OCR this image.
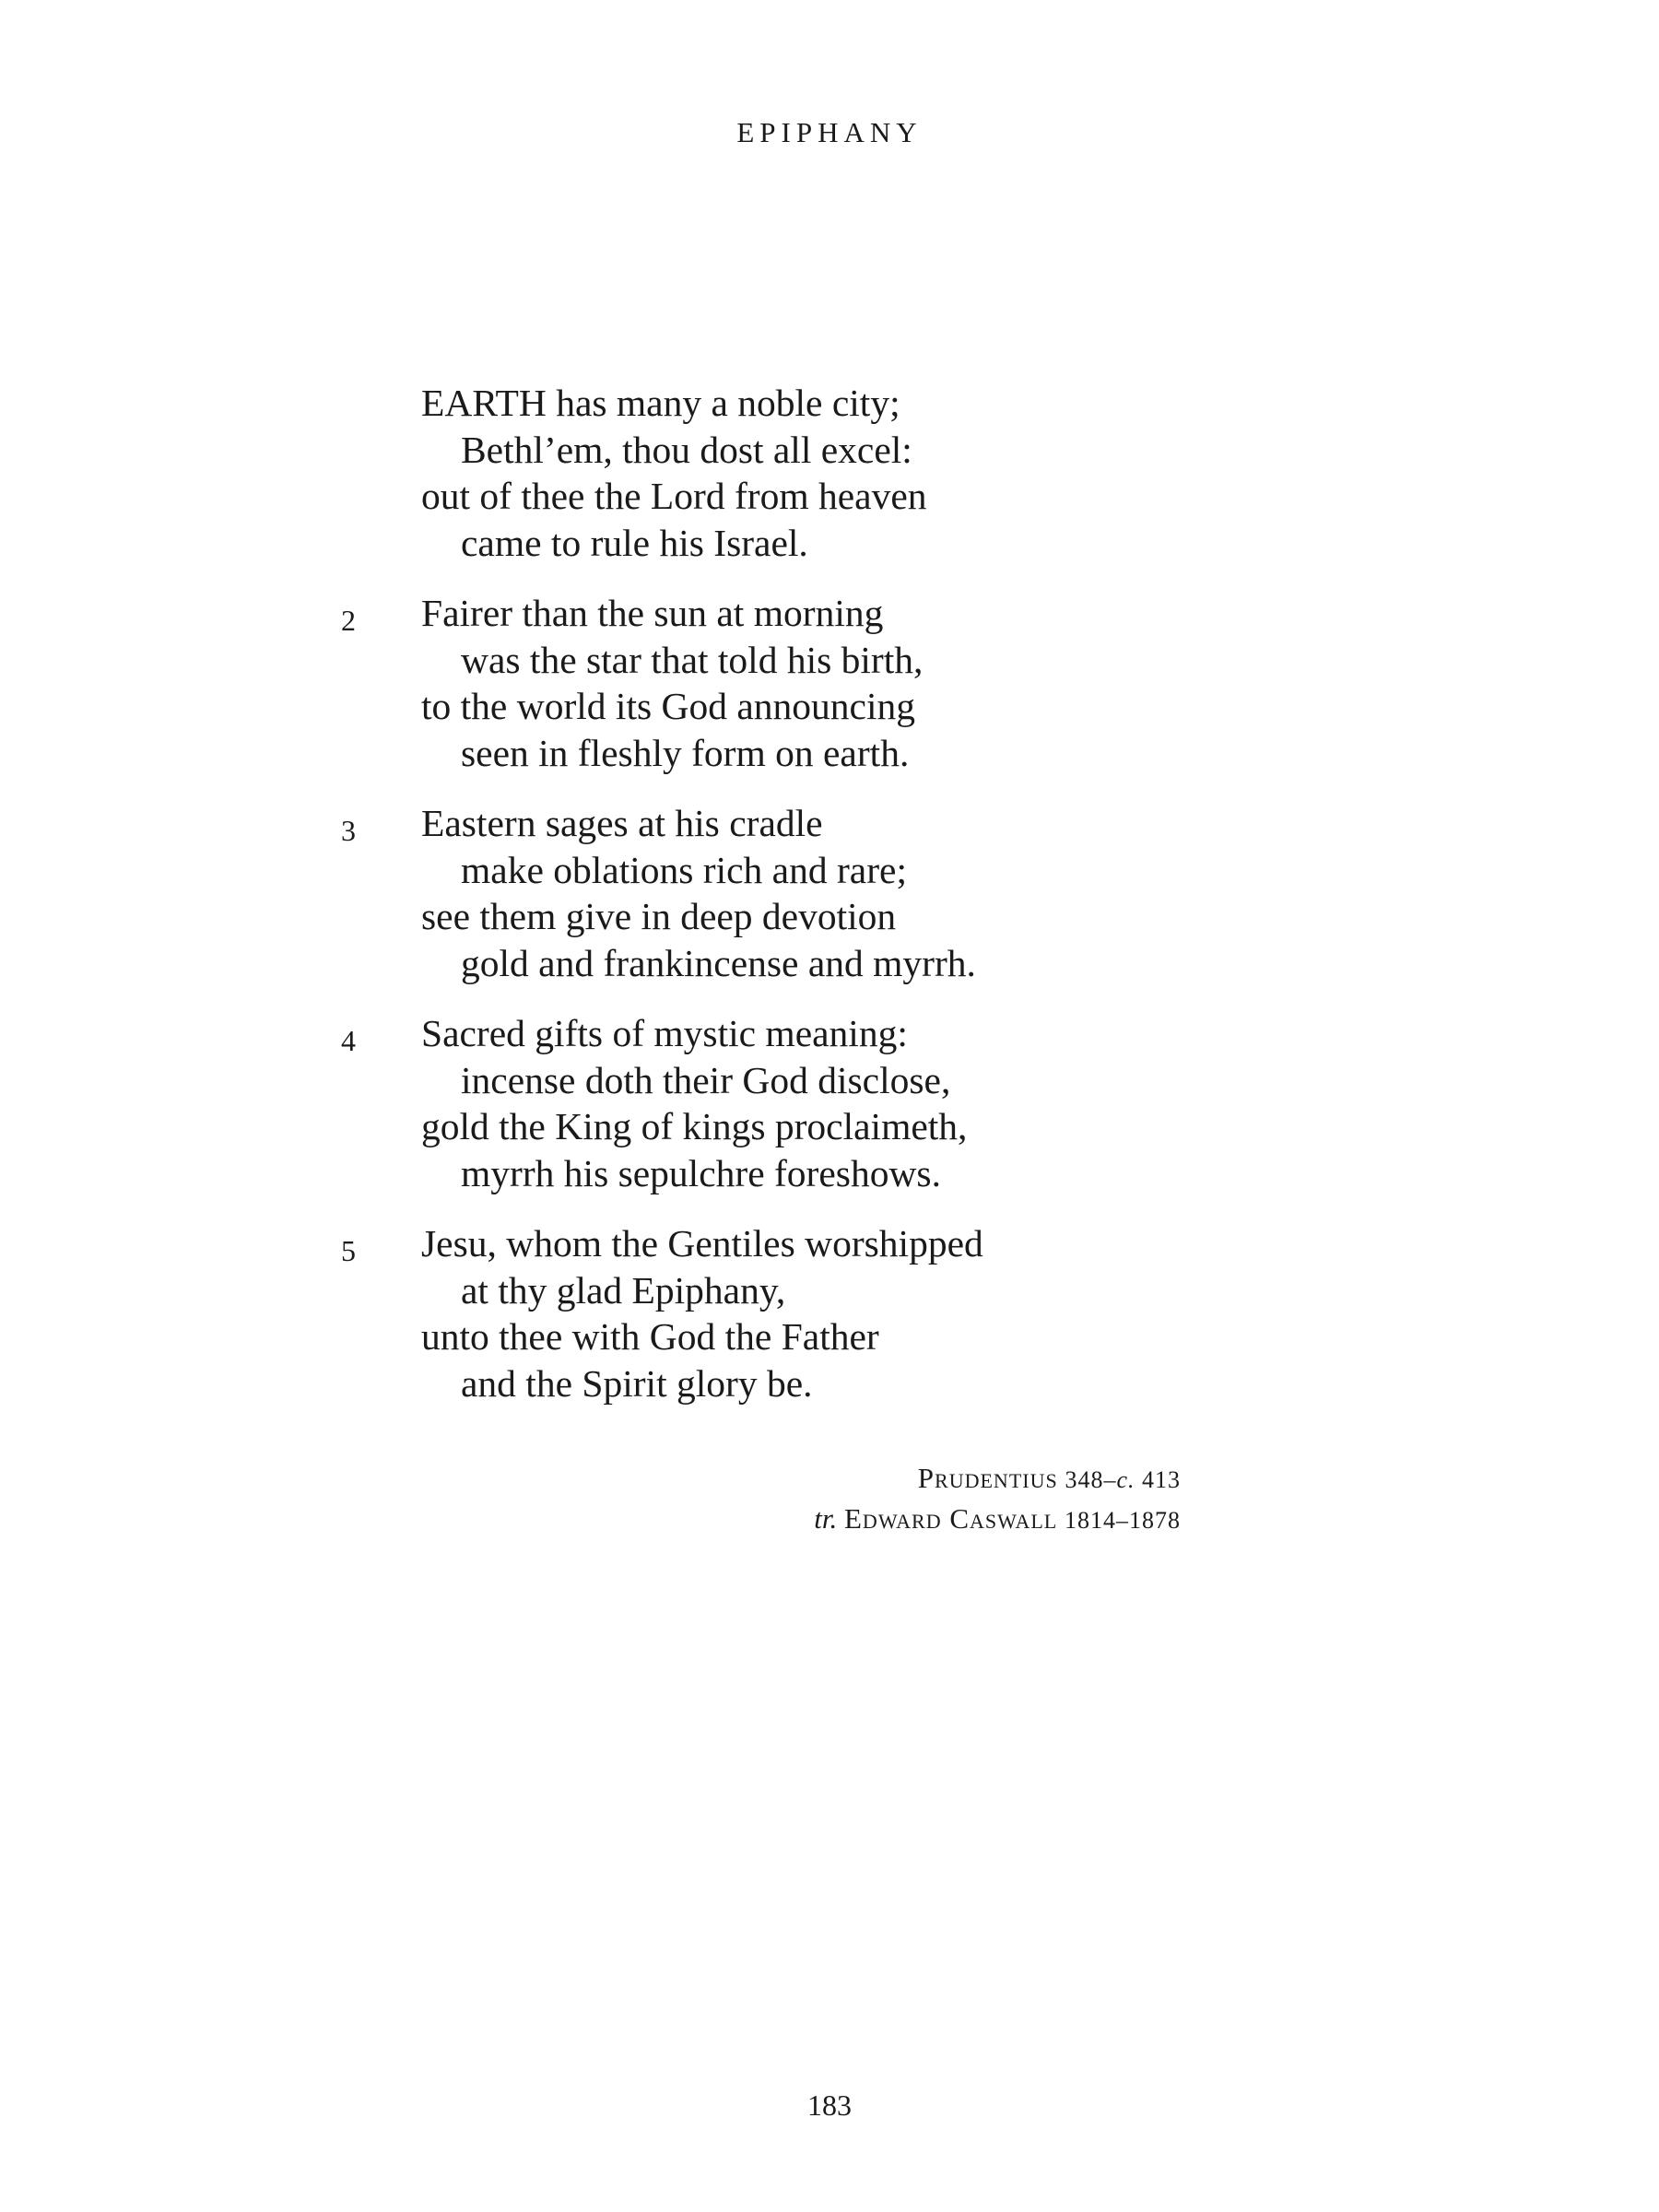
EPIPHANY
EARTH has many a noble city;
Bethl’em, thou dost all excel:
out of thee the Lord from heaven
came to rule his Israel.
2	Fairer than the sun at morning
was the star that told his birth,
to the world its God announcing
seen in fleshly form on earth.
3	Eastern sages at his cradle
make oblations rich and rare;
see them give in deep devotion
gold and frankincense and myrrh.
4	Sacred gifts of mystic meaning:
incense doth their God disclose,
gold the King of kings proclaimeth,
myrrh his sepulchre foreshows.
5	Jesu, whom the Gentiles worshipped
at thy glad Epiphany,
unto thee with God the Father
and the Spirit glory be.
Prudentius 348–c. 413
tr. Edward Caswall 1814–1878
183
